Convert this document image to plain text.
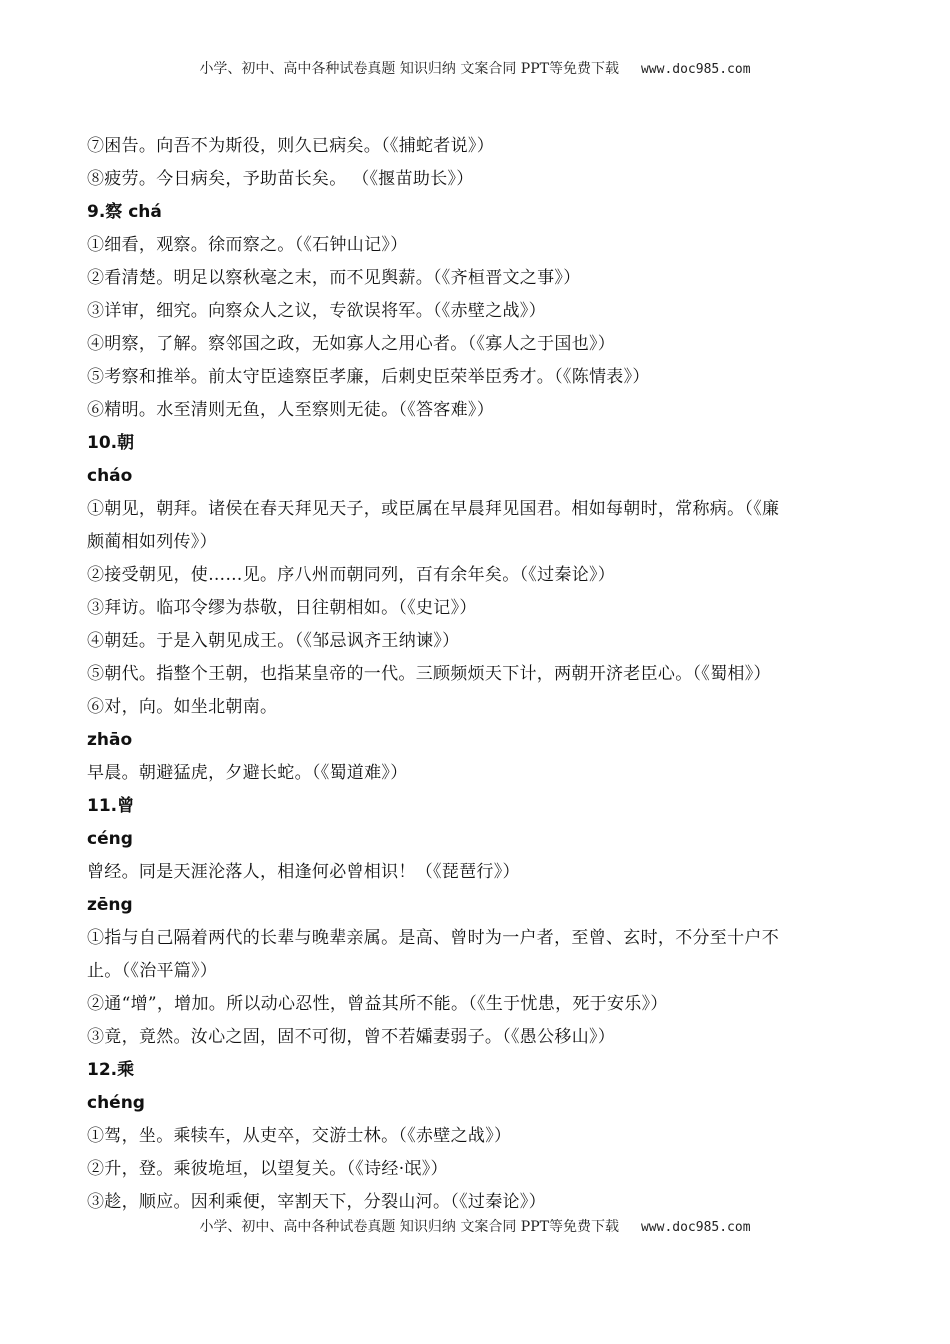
小学、初中、高中各种试卷真题 知识归纳 文案合同 PPT等免费下载 www.doc985.com
⑦困告。向吾不为斯役，则久已病矣。（《捕蛇者说》）
⑧疲劳。今日病矣，予助苗长矣。 （《揠苗助长》）
9.察 chá
①细看，观察。徐而察之。（《石钟山记》）
②看清楚。明足以察秋毫之末，而不见舆薪。（《齐桓晋文之事》）
③详审，细究。向察众人之议，专欲误将军。（《赤壁之战》）
④明察，了解。察邻国之政，无如寡人之用心者。（《寡人之于国也》）
⑤考察和推举。前太守臣逵察臣孝廉，后刺史臣荣举臣秀才。（《陈情表》）
⑥精明。水至清则无鱼，人至察则无徒。（《答客难》）
10.朝
cháo
①朝见，朝拜。诸侯在春天拜见天子，或臣属在早晨拜见国君。相如每朝时，常称病。（《廉
颇蔺相如列传》）
②接受朝见，使……见。序八州而朝同列，百有余年矣。（《过秦论》）
③拜访。临邛令缪为恭敬，日往朝相如。（《史记》）
④朝廷。于是入朝见成王。（《邹忌讽齐王纳谏》）
⑤朝代。指整个王朝，也指某皇帝的一代。三顾频烦天下计，两朝开济老臣心。（《蜀相》）
⑥对，向。如坐北朝南。
zhāo
早晨。朝避猛虎，夕避长蛇。（《蜀道难》）
11.曾
céng
曾经。同是天涯沦落人，相逢何必曾相识！（《琵琶行》）
zēng
①指与自己隔着两代的长辈与晚辈亲属。是高、曾时为一户者，至曾、玄时，不分至十户不
止。（《治平篇》）
②通“增”，增加。所以动心忍性，曾益其所不能。（《生于忧患，死于安乐》）
③竟，竟然。汝心之固，固不可彻，曾不若孀妻弱子。（《愚公移山》）
12.乘
chéng
①驾，坐。乘犊车，从吏卒，交游士林。（《赤壁之战》）
②升，登。乘彼垝垣，以望复关。（《诗经·氓》）
③趁，顺应。因利乘便，宰割天下，分裂山河。（《过秦论》）
小学、初中、高中各种试卷真题 知识归纳 文案合同 PPT等免费下载 www.doc985.com
